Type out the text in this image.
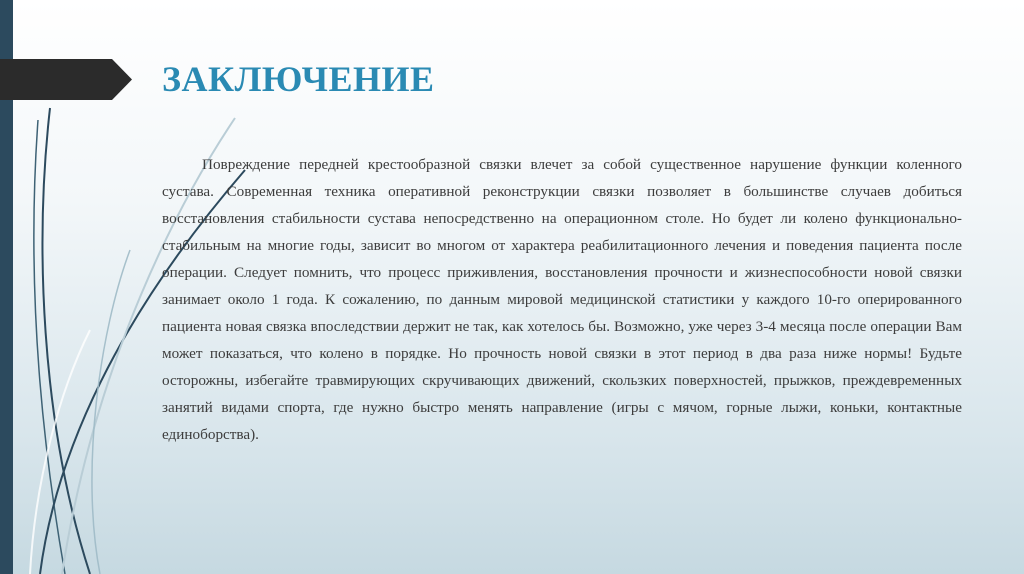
ЗАКЛЮЧЕНИЕ

Повреждение передней крестообразной связки влечет за собой существенное нарушение функции коленного сустава. Современная техника оперативной реконструкции связки позволяет в большинстве случаев добиться восстановления стабильности сустава непосредственно на операционном столе. Но будет ли колено функционально-стабильным на многие годы, зависит во многом от характера реабилитационного лечения и поведения пациента после операции. Следует помнить, что процесс приживления, восстановления прочности и жизнеспособности новой связки занимает около 1 года. К сожалению, по данным мировой медицинской статистики у каждого 10-го оперированного пациента новая связка впоследствии держит не так, как хотелось бы. Возможно, уже через 3-4 месяца после операции Вам может показаться, что колено в порядке. Но прочность новой связки в этот период в два раза ниже нормы! Будьте осторожны, избегайте травмирующих скручивающих движений, скользких поверхностей, прыжков, преждевременных занятий видами спорта, где нужно быстро менять направление (игры с мячом, горные лыжи, коньки, контактные единоборства).
